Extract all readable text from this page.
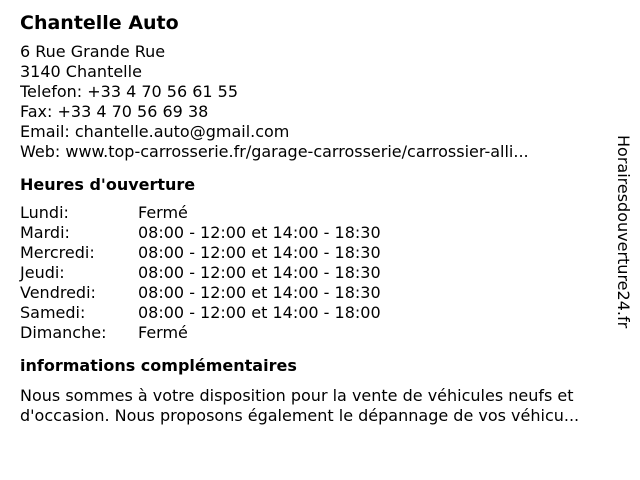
Chantelle Auto
6 Rue Grande Rue
3140 Chantelle
Telefon: +33 4 70 56 61 55
Fax: +33 4 70 56 69 38
Email: chantelle.auto@gmail.com
Web: www.top-carrosserie.fr/garage-carrosserie/carrossier-alli...
Heures d'ouverture
Lundi:	Fermé
Mardi:	08:00 - 12:00 et 14:00 - 18:30
Mercredi:	08:00 - 12:00 et 14:00 - 18:30
Jeudi:	08:00 - 12:00 et 14:00 - 18:30
Vendredi:	08:00 - 12:00 et 14:00 - 18:30
Samedi:	08:00 - 12:00 et 14:00 - 18:00
Dimanche:	Fermé
informations complémentaires
Nous sommes à votre disposition pour la vente de véhicules neufs et d'occasion. Nous proposons également le dépannage de vos véhicu...
Horairesdouverture24.fr
